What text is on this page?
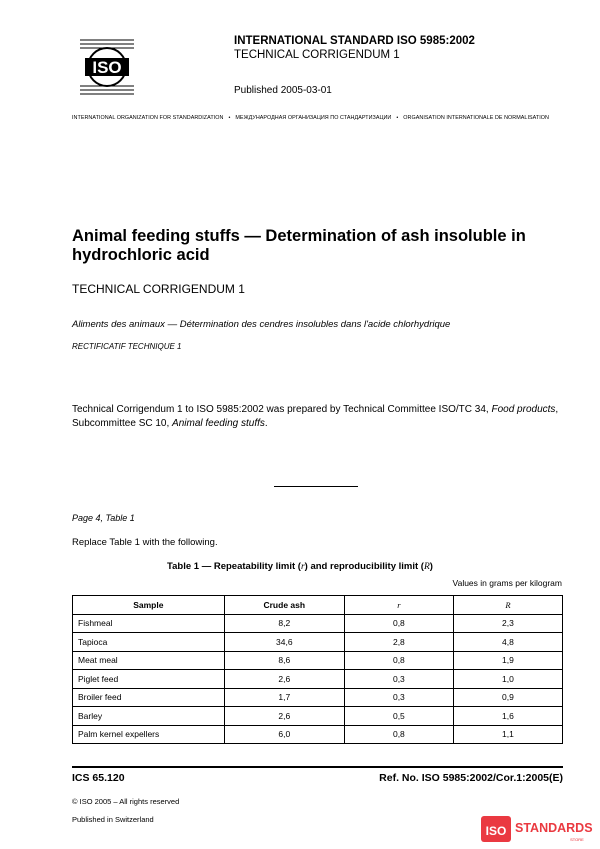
ISO
INTERNATIONAL STANDARD ISO 5985:2002
TECHNICAL CORRIGENDUM 1
Published 2005-03-01
INTERNATIONAL ORGANIZATION FOR STANDARDIZATION • МЕЖДУНАРОДНАЯ ОРГАНИЗАЦИЯ ПО СТАНДАРТИЗАЦИИ • ORGANISATION INTERNATIONALE DE NORMALISATION
Animal feeding stuffs — Determination of ash insoluble in hydrochloric acid
TECHNICAL CORRIGENDUM 1
Aliments des animaux — Détermination des cendres insolubles dans l'acide chlorhydrique
RECTIFICATIF TECHNIQUE 1
Technical Corrigendum 1 to ISO 5985:2002 was prepared by Technical Committee ISO/TC 34, Food products, Subcommittee SC 10, Animal feeding stuffs.
Page 4, Table 1
Replace Table 1 with the following.
Table 1 — Repeatability limit (r) and reproducibility limit (R)
Values in grams per kilogram
Sample	Crude ash	r	R
Fishmeal	8,2	0,8	2,3
Tapioca	34,6	2,8	4,8
Meat meal	8,6	0,8	1,9
Piglet feed	2,6	0,3	1,0
Broiler feed	1,7	0,3	0,9
Barley	2,6	0,5	1,6
Palm kernel expellers	6,0	0,8	1,1
ICS 65.120	Ref. No. ISO 5985:2002/Cor.1:2005(E)
© ISO 2005 – All rights reserved
Published in Switzerland
ISO STANDARDS
STORE
